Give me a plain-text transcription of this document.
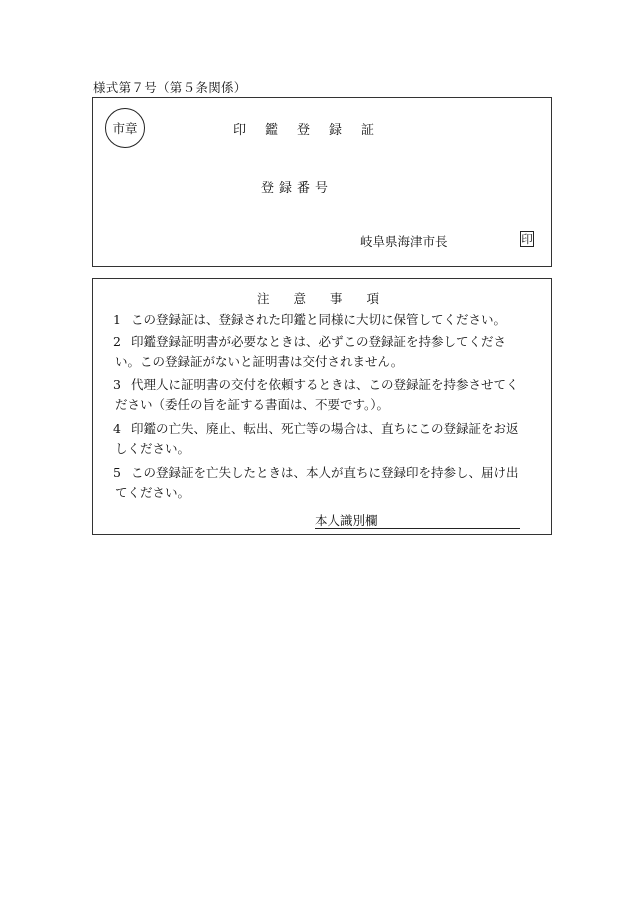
様式第７号（第５条関係）
市章	印鑑登録証
登録番号
岐阜県海津市長	印
注意事項
1 この登録証は、登録された印鑑と同様に大切に保管してください。
2 印鑑登録証明書が必要なときは、必ずこの登録証を持参してくださ
い。この登録証がないと証明書は交付されません。
3 代理人に証明書の交付を依頼するときは、この登録証を持参させてく
ださい（委任の旨を証する書面は、不要です。）。
4 印鑑の亡失、廃止、転出、死亡等の場合は、直ちにこの登録証をお返
しください。
5 この登録証を亡失したときは、本人が直ちに登録印を持参し、届け出
てください。
本人識別欄
